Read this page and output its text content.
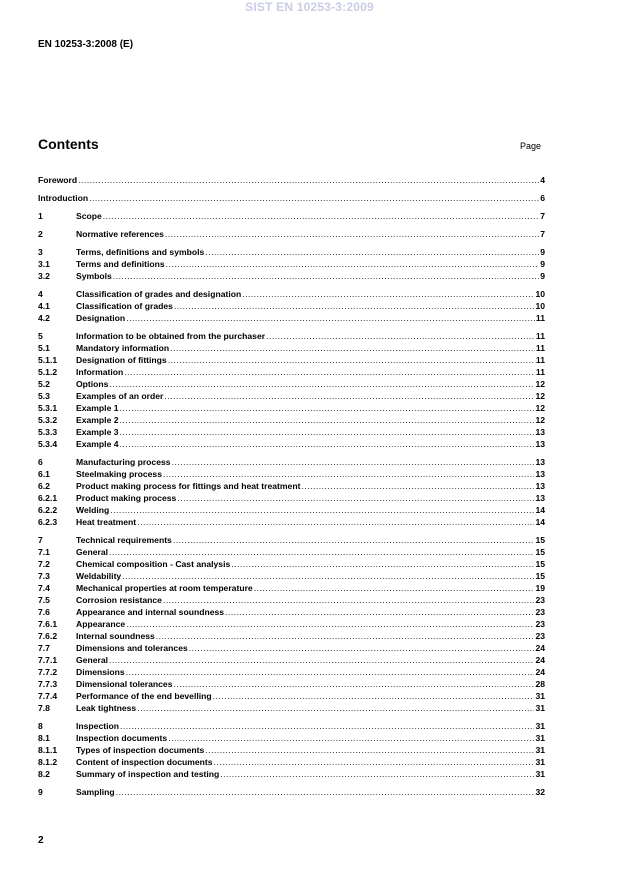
SIST EN 10253-3:2009
EN 10253-3:2008 (E)
Contents	Page
Foreword .....	4
Introduction .....	6
1	Scope .....	7
2	Normative references .....	7
3	Terms, definitions and symbols .....	9
3.1	Terms and definitions .....	9
3.2	Symbols .....	9
4	Classification of grades and designation .....	10
4.1	Classification of grades .....	10
4.2	Designation .....	11
5	Information to be obtained from the purchaser .....	11
5.1	Mandatory information .....	11
5.1.1	Designation of fittings .....	11
5.1.2	Information .....	11
5.2	Options .....	12
5.3	Examples of an order .....	12
5.3.1	Example 1 .....	12
5.3.2	Example 2 .....	12
5.3.3	Example 3 .....	13
5.3.4	Example 4 .....	13
6	Manufacturing process .....	13
6.1	Steelmaking process .....	13
6.2	Product making process for fittings and heat treatment .....	13
6.2.1	Product making process .....	13
6.2.2	Welding .....	14
6.2.3	Heat treatment .....	14
7	Technical requirements .....	15
7.1	General .....	15
7.2	Chemical composition - Cast analysis .....	15
7.3	Weldability .....	15
7.4	Mechanical properties at room temperature .....	19
7.5	Corrosion resistance .....	23
7.6	Appearance and internal soundness .....	23
7.6.1	Appearance .....	23
7.6.2	Internal soundness .....	23
7.7	Dimensions and tolerances .....	24
7.7.1	General .....	24
7.7.2	Dimensions .....	24
7.7.3	Dimensional tolerances .....	28
7.7.4	Performance of the end bevelling .....	31
7.8	Leak tightness .....	31
8	Inspection .....	31
8.1	Inspection documents .....	31
8.1.1	Types of inspection documents .....	31
8.1.2	Content of inspection documents .....	31
8.2	Summary of inspection and testing .....	31
9	Sampling .....	32
2
